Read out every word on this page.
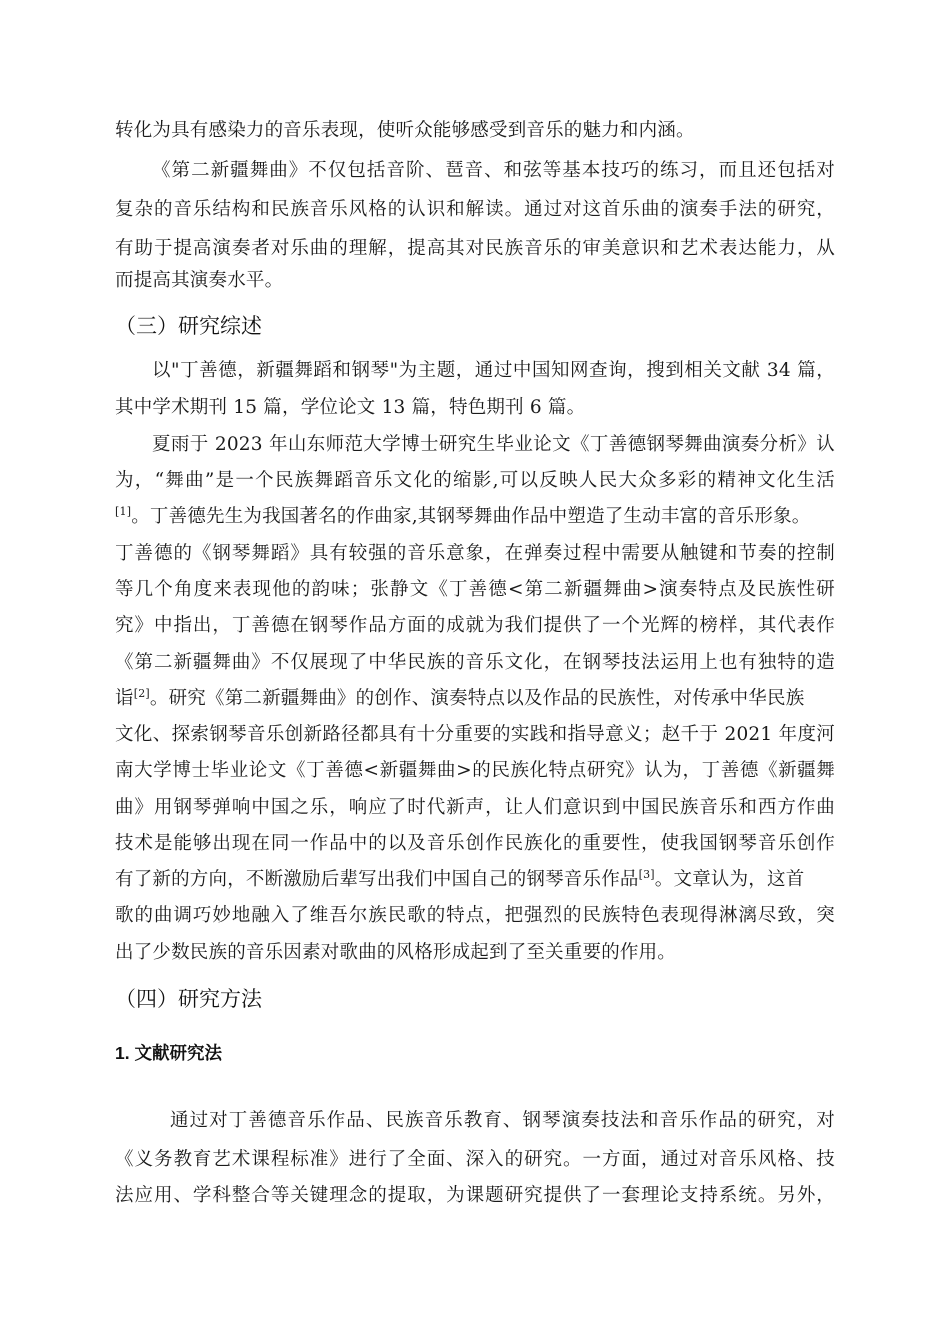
转化为具有感染力的音乐表现，使听众能够感受到音乐的魅力和内涵。
《第二新疆舞曲》不仅包括音阶、琶音、和弦等基本技巧的练习，而且还包括对
复杂的音乐结构和民族音乐风格的认识和解读。通过对这首乐曲的演奏手法的研究，
有助于提高演奏者对乐曲的理解，提高其对民族音乐的审美意识和艺术表达能力，从
而提高其演奏水平。
（三）研究综述
以"丁善德，新疆舞蹈和钢琴"为主题，通过中国知网查询，搜到相关文献 34 篇，
其中学术期刊 15 篇，学位论文 13 篇，特色期刊 6 篇。
夏雨于 2023 年山东师范大学博士研究生毕业论文《丁善德钢琴舞曲演奏分析》认
为，“舞曲”是一个民族舞蹈音乐文化的缩影,可以反映人民大众多彩的精神文化生活
[1]。丁善德先生为我国著名的作曲家,其钢琴舞曲作品中塑造了生动丰富的音乐形象。
丁善德的《钢琴舞蹈》具有较强的音乐意象，在弹奏过程中需要从触键和节奏的控制
等几个角度来表现他的韵味；张静文《丁善德<第二新疆舞曲>演奏特点及民族性研
究》中指出，丁善德在钢琴作品方面的成就为我们提供了一个光辉的榜样，其代表作
《第二新疆舞曲》不仅展现了中华民族的音乐文化，在钢琴技法运用上也有独特的造
诣[2]。研究《第二新疆舞曲》的创作、演奏特点以及作品的民族性，对传承中华民族
文化、探索钢琴音乐创新路径都具有十分重要的实践和指导意义；赵千于 2021 年度河
南大学博士毕业论文《丁善德<新疆舞曲>的民族化特点研究》认为，丁善德《新疆舞
曲》用钢琴弹响中国之乐，响应了时代新声，让人们意识到中国民族音乐和西方作曲
技术是能够出现在同一作品中的以及音乐创作民族化的重要性，使我国钢琴音乐创作
有了新的方向，不断激励后辈写出我们中国自己的钢琴音乐作品[3]。文章认为，这首
歌的曲调巧妙地融入了维吾尔族民歌的特点，把强烈的民族特色表现得淋漓尽致，突
出了少数民族的音乐因素对歌曲的风格形成起到了至关重要的作用。
（四）研究方法
1. 文献研究法
通过对丁善德音乐作品、民族音乐教育、钢琴演奏技法和音乐作品的研究，对
《义务教育艺术课程标准》进行了全面、深入的研究。一方面，通过对音乐风格、技
法应用、学科整合等关键理念的提取，为课题研究提供了一套理论支持系统。另外，
